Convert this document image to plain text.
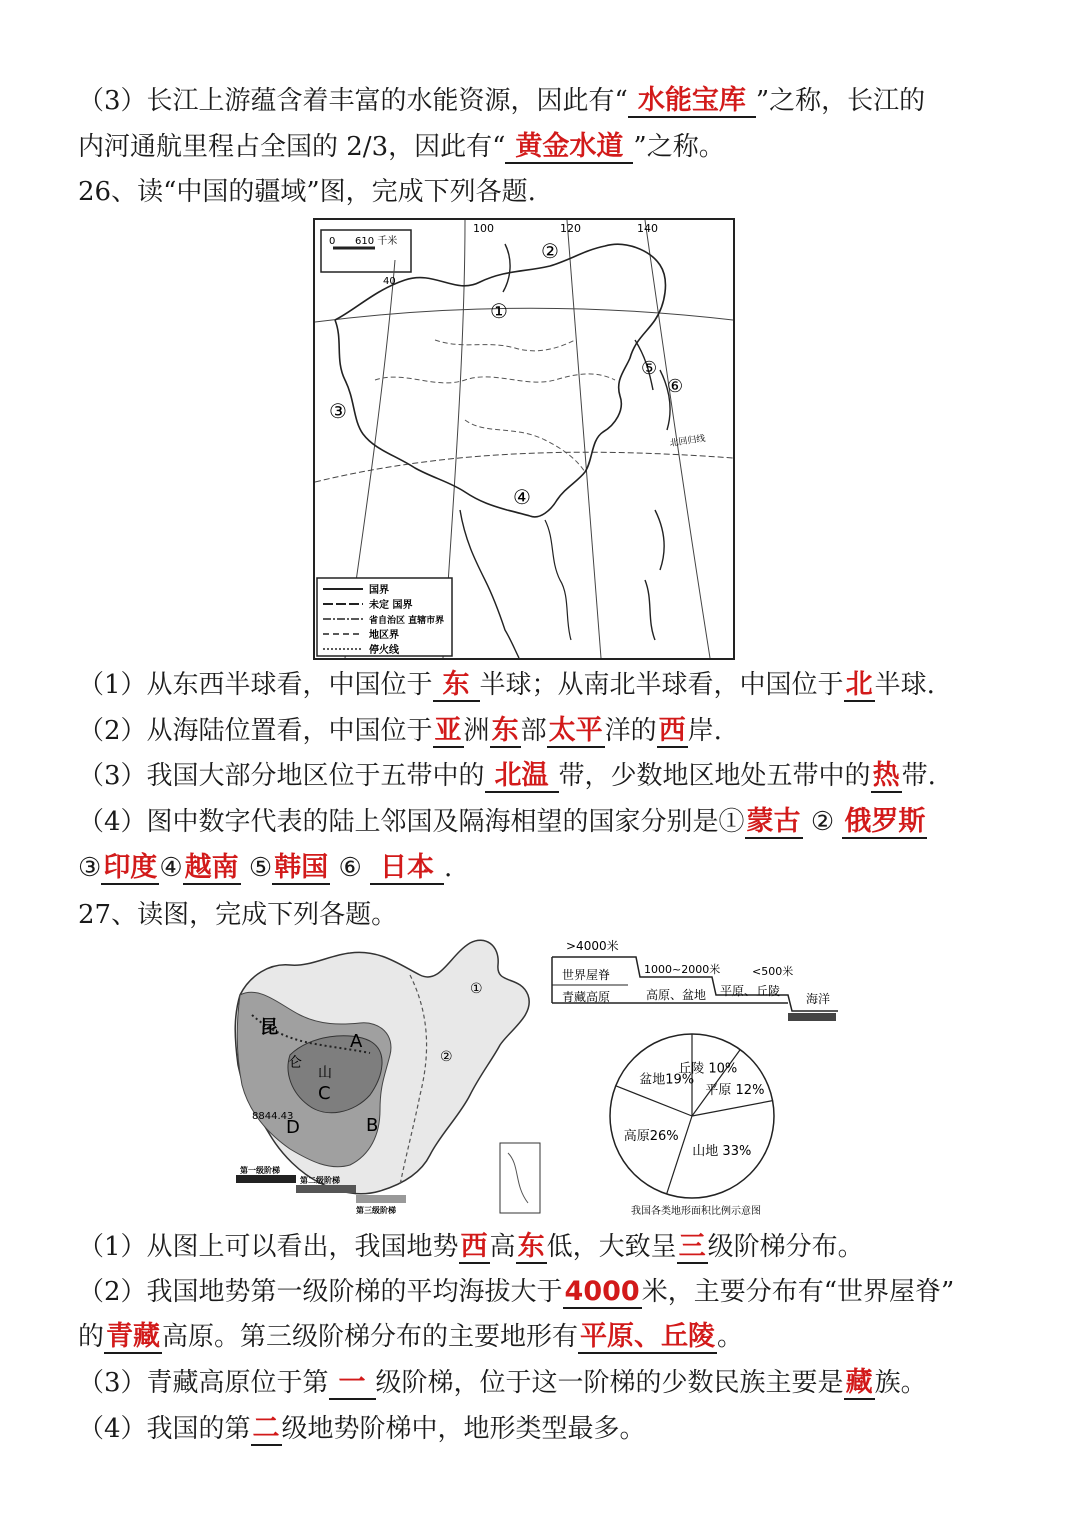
（3）长江上游蕴含着丰富的水能资源，因此有“ 水能宝库 ”之称，长江的
内河通航里程占全国的 2/3，因此有“ 黄金水道 ”之称。
26、读“中国的疆域”图，完成下列各题.
0 610 千米
100	120	140
40
北回归线
①
②
③
④
⑤
⑥
国界
未定 国界
省自治区 直辖市界
地区界
停火线
（1）从东西半球看，中国位于 东 半球；从南北半球看，中国位于北半球.
（2）从海陆位置看，中国位于亚洲东部太平洋的西岸.
（3）我国大部分地区位于五带中的 北温 带，少数地区地处五带中的热带.
（4）图中数字代表的陆上邻国及隔海相望的国家分别是①蒙古 ② 俄罗斯
③印度④越南 ⑤韩国 ⑥ 日本 .
27、读图，完成下列各题。
昆
仑
山
A
B
C
D
8844.43
①
②
第一级阶梯
第二级阶梯
第三级阶梯
>4000米
世界屋脊
青藏高原
1000~2000米
高原、盆地
<500米
平原、丘陵
海洋
山地 33%
高原26%
盆地19%
丘陵 10%
平原 12%
我国各类地形面积比例示意图
（1）从图上可以看出，我国地势西高东低，大致呈三级阶梯分布。
（2）我国地势第一级阶梯的平均海拔大于4000米，主要分布有“世界屋脊”
的青藏高原。第三级阶梯分布的主要地形有平原、丘陵。
（3）青藏高原位于第 一 级阶梯，位于这一阶梯的少数民族主要是藏族。
（4）我国的第二级地势阶梯中，地形类型最多。
